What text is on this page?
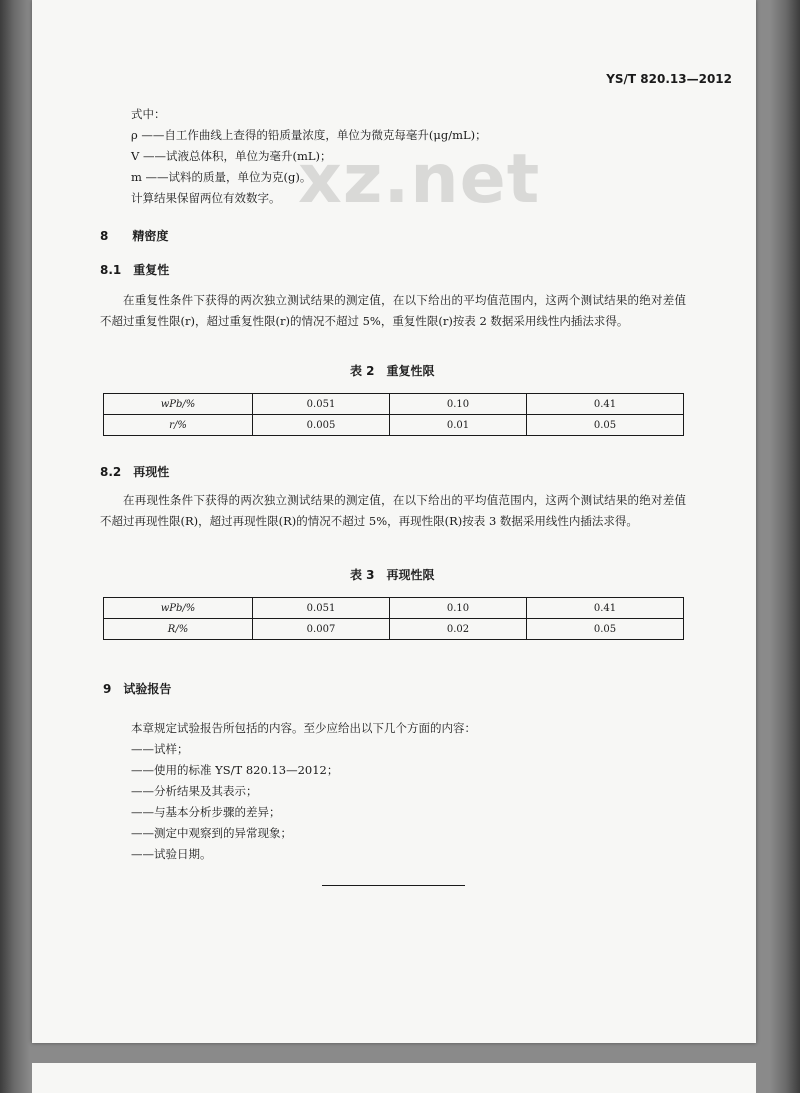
YS/T 820.13—2012
xz.net
式中：
ρ ——自工作曲线上查得的铅质量浓度，单位为微克每毫升(μg/mL)；
V ——试液总体积，单位为毫升(mL)；
m ——试料的质量，单位为克(g)。
计算结果保留两位有效数字。
8　　精密度
8.1　重复性
在重复性条件下获得的两次独立测试结果的测定值，在以下给出的平均值范围内，这两个测试结果的绝对差值不超过重复性限(r)，超过重复性限(r)的情况不超过 5%，重复性限(r)按表 2 数据采用线性内插法求得。
表 2　重复性限
wPb/%	0.051	0.10	0.41
r/%	0.005	0.01	0.05
8.2　再现性
在再现性条件下获得的两次独立测试结果的测定值，在以下给出的平均值范围内，这两个测试结果的绝对差值不超过再现性限(R)，超过再现性限(R)的情况不超过 5%，再现性限(R)按表 3 数据采用线性内插法求得。
表 3　再现性限
wPb/%	0.051	0.10	0.41
R/%	0.007	0.02	0.05
9　试验报告
本章规定试验报告所包括的内容。至少应给出以下几个方面的内容：
——试样；
——使用的标准 YS/T 820.13—2012；
——分析结果及其表示；
——与基本分析步骤的差异；
——测定中观察到的异常现象；
——试验日期。
